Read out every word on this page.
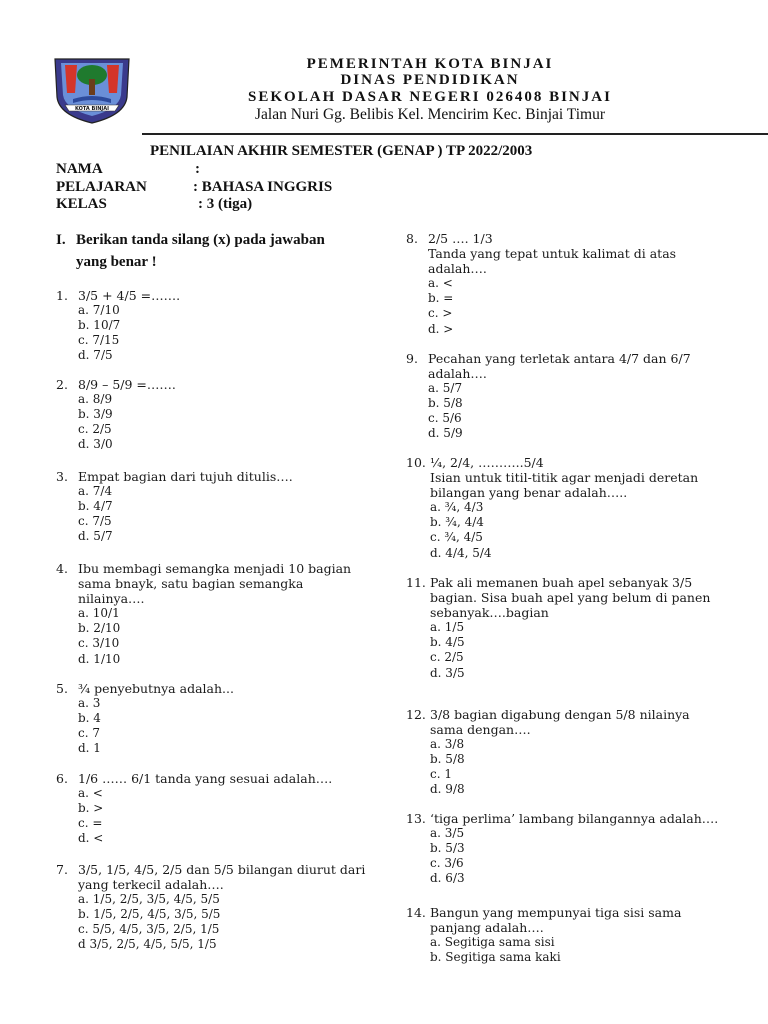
KOTA BINJAI
PEMERINTAH KOTA BINJAI
DINAS PENDIDIKAN
SEKOLAH DASAR NEGERI 026408 BINJAI
Jalan Nuri Gg. Belibis Kel. Mencirim Kec. Binjai Timur
PENILAIAN AKHIR SEMESTER (GENAP ) TP 2022/2003
NAMA	:
PELAJARAN	: BAHASA INGGRIS
KELAS	: 3 (tiga)
I. Berikan tanda silang (x) pada jawaban yang benar !
1. 3/5 + 4/5 =…….
a. 7/10
b. 10/7
c. 7/15
d. 7/5
2. 8/9 – 5/9 =…….
a. 8/9
b. 3/9
c. 2/5
d. 3/0
3. Empat bagian dari tujuh ditulis….
a. 7/4
b. 4/7
c. 7/5
d. 5/7
4. Ibu membagi semangka menjadi 10 bagian
sama bnayk, satu bagian semangka
nilainya….
a. 10/1
b. 2/10
c. 3/10
d. 1/10
5. ¾ penyebutnya adalah...
a. 3
b. 4
c. 7
d. 1
6. 1/6 …… 6/1 tanda yang sesuai adalah….
a. <
b. >
c. =
d. <
7. 3/5, 1/5, 4/5, 2/5 dan 5/5 bilangan diurut dari
yang terkecil adalah….
a. 1/5, 2/5, 3/5, 4/5, 5/5
b. 1/5, 2/5, 4/5, 3/5, 5/5
c. 5/5, 4/5, 3/5, 2/5, 1/5
d 3/5, 2/5, 4/5, 5/5, 1/5
8. 2/5 …. 1/3
Tanda yang tepat untuk kalimat di atas
adalah….
a. <
b. =
c. >
d. >
9. Pecahan yang terletak antara 4/7 dan 6/7
adalah….
a. 5/7
b. 5/8
c. 5/6
d. 5/9
10. ¼, 2/4, ………..5/4
Isian untuk titil-titik agar menjadi deretan
bilangan yang benar adalah…..
a. ¾, 4/3
b. ¾, 4/4
c. ¾, 4/5
d. 4/4, 5/4
11. Pak ali memanen buah apel sebanyak 3/5
bagian. Sisa buah apel yang belum di panen
sebanyak….bagian
a. 1/5
b. 4/5
c. 2/5
d. 3/5
12. 3/8 bagian digabung dengan 5/8 nilainya
sama dengan….
a. 3/8
b. 5/8
c. 1
d. 9/8
13. ‘tiga perlima’ lambang bilangannya adalah….
a. 3/5
b. 5/3
c. 3/6
d. 6/3
14. Bangun yang mempunyai tiga sisi sama
panjang adalah….
a. Segitiga sama sisi
b. Segitiga sama kaki
